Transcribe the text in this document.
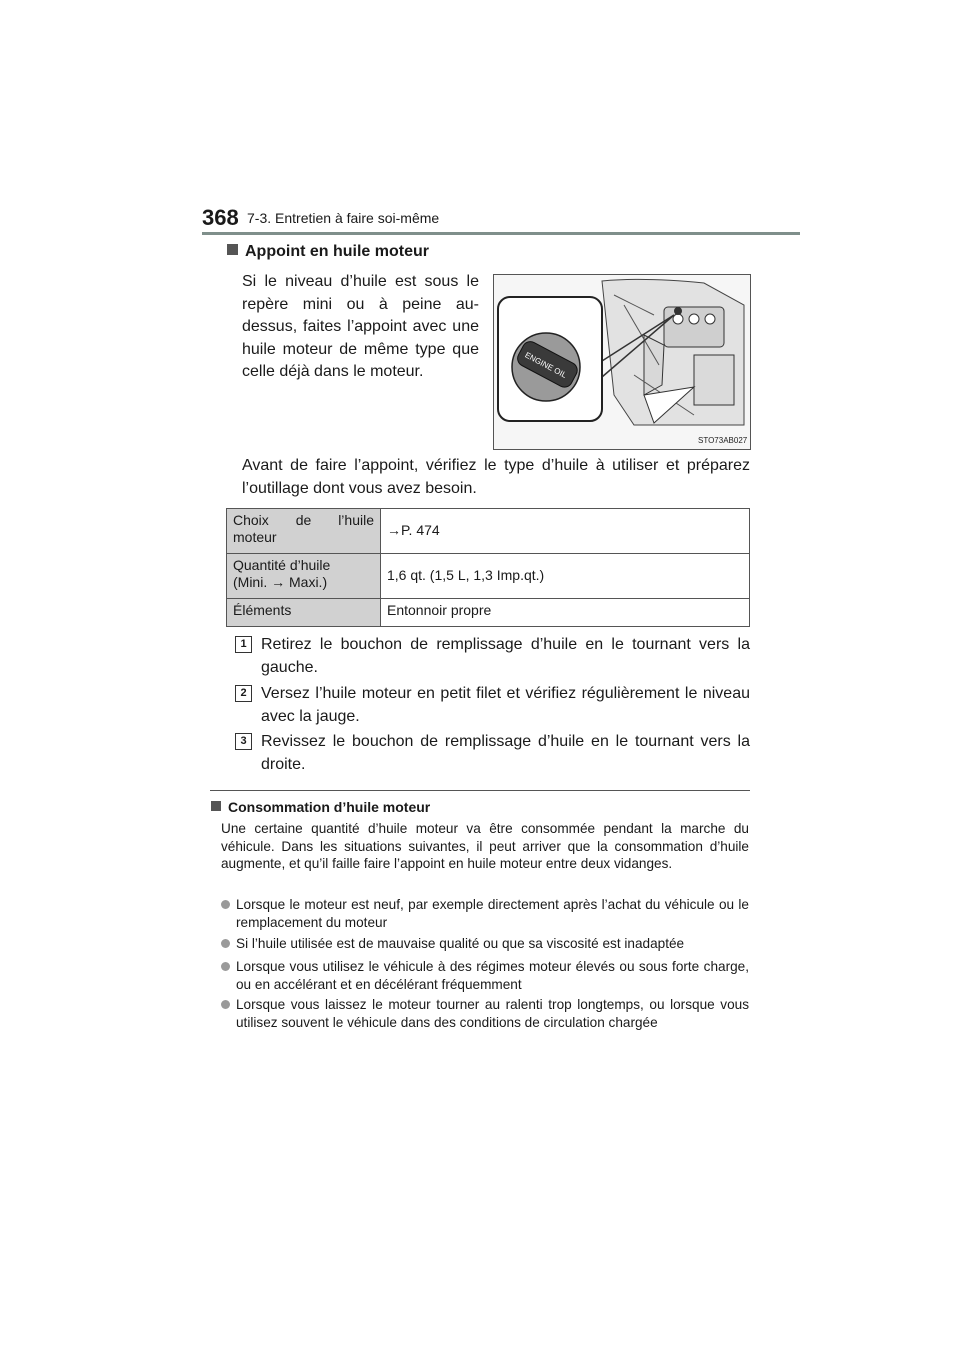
368 7-3. Entretien à faire soi-même
Appoint en huile moteur
Si le niveau d’huile est sous le repère mini ou à peine au-dessus, faites l’appoint avec une huile moteur de même type que celle déjà dans le moteur.	ENGINE OIL
STO73AB027
Avant de faire l’appoint, vérifiez le type d’huile à utiliser et préparez l’outillage dont vous avez besoin.
Choix de l’huile
moteur	→P. 474

Quantité d’huile
(Mini. → Maxi.)	1,6 qt. (1,5 L, 1,3 Imp.qt.)

Éléments	Entonnoir propre
1 Retirez le bouchon de remplissage d’huile en le tournant vers la gauche.
2 Versez l’huile moteur en petit filet et vérifiez régulièrement le niveau avec la jauge.
3 Revissez le bouchon de remplissage d’huile en le tournant vers la droite.
Consommation d’huile moteur
Une certaine quantité d’huile moteur va être consommée pendant la marche du véhicule. Dans les situations suivantes, il peut arriver que la consommation d’huile augmente, et qu’il faille faire l’appoint en huile moteur entre deux vidanges.
Lorsque le moteur est neuf, par exemple directement après l’achat du véhicule ou le remplacement du moteur
Si l’huile utilisée est de mauvaise qualité ou que sa viscosité est inadaptée
Lorsque vous utilisez le véhicule à des régimes moteur élevés ou sous forte charge, ou en accélérant et en décélérant fréquemment
Lorsque vous laissez le moteur tourner au ralenti trop longtemps, ou lorsque vous utilisez souvent le véhicule dans des conditions de circulation chargée
